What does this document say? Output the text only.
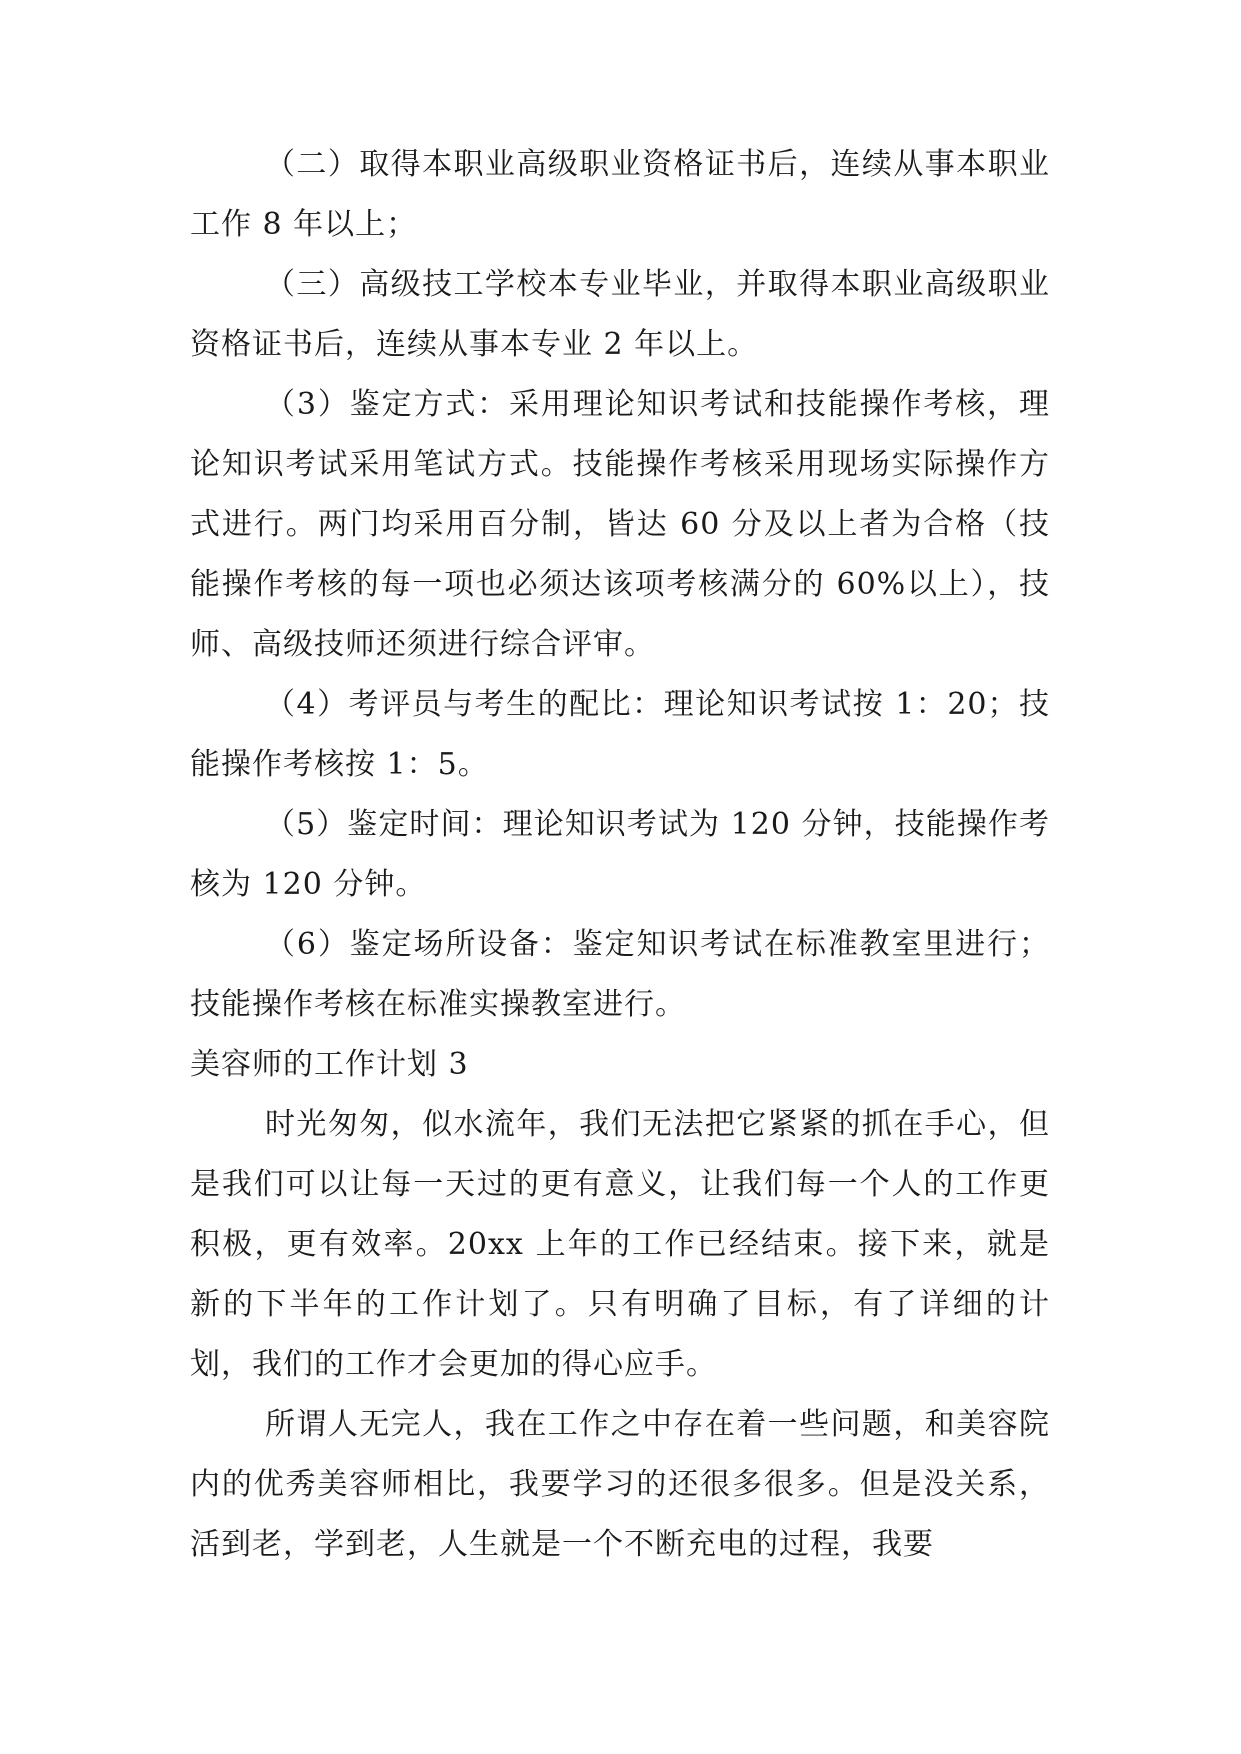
（二）取得本职业高级职业资格证书后，连续从事本职业工作 8 年以上；

（三）高级技工学校本专业毕业，并取得本职业高级职业资格证书后，连续从事本专业 2 年以上。

（3）鉴定方式：采用理论知识考试和技能操作考核，理论知识考试采用笔试方式。技能操作考核采用现场实际操作方式进行。两门均采用百分制，皆达 60 分及以上者为合格（技能操作考核的每一项也必须达该项考核满分的 60%以上），技师、高级技师还须进行综合评审。

（4）考评员与考生的配比：理论知识考试按 1：20；技能操作考核按 1：5。

（5）鉴定时间：理论知识考试为 120 分钟，技能操作考核为 120 分钟。

（6）鉴定场所设备：鉴定知识考试在标准教室里进行；技能操作考核在标准实操教室进行。

美容师的工作计划 3

时光匆匆，似水流年，我们无法把它紧紧的抓在手心，但是我们可以让每一天过的更有意义，让我们每一个人的工作更积极，更有效率。20xx 上年的工作已经结束。接下来，就是新的下半年的工作计划了。只有明确了目标，有了详细的计划，我们的工作才会更加的得心应手。

所谓人无完人，我在工作之中存在着一些问题，和美容院内的优秀美容师相比，我要学习的还很多很多。但是没关系，活到老，学到老，人生就是一个不断充电的过程，我要
